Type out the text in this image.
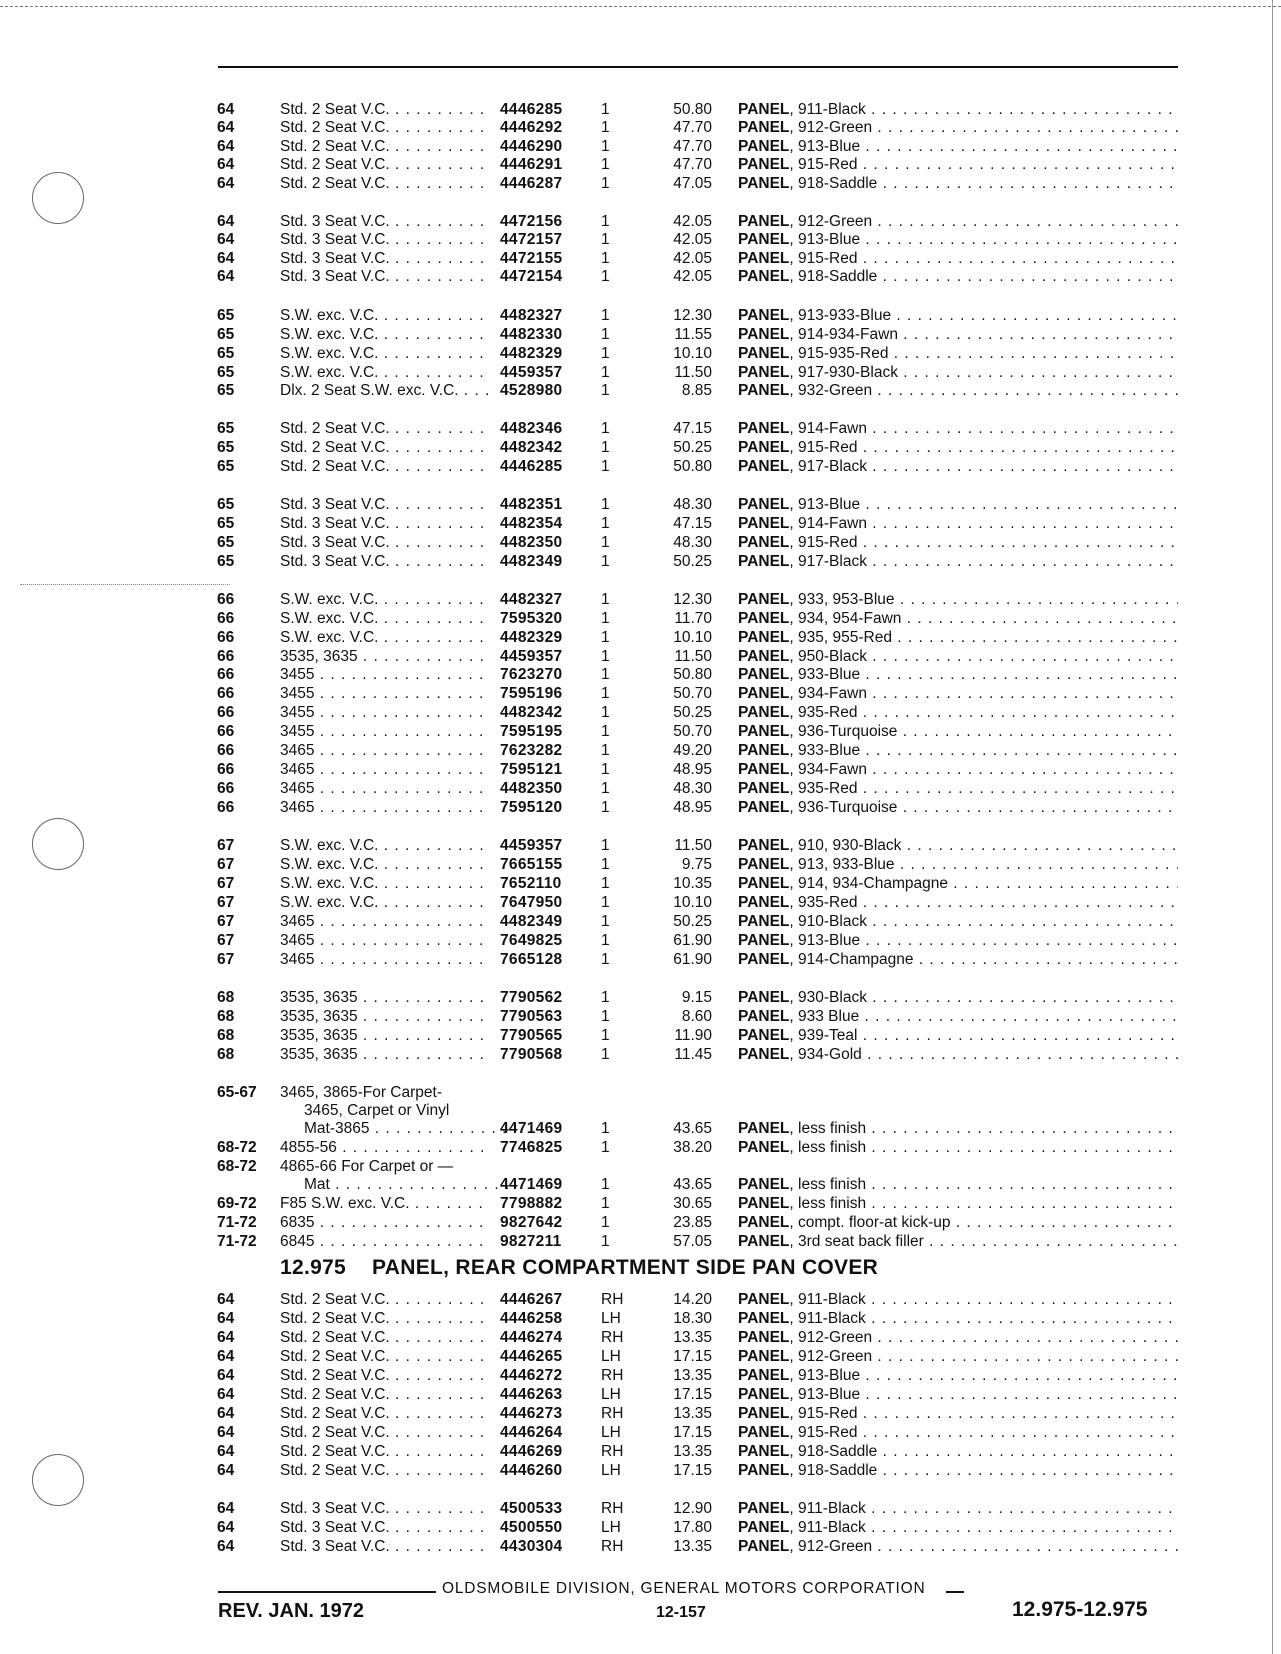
64	Std. 2 Seat V.C. . . .	4446285 1	50.80 PANEL, 911-Black . . .
64	Std. 2 Seat V.C. . . .	4446292 1	47.70 PANEL, 912-Green . . .
64	Std. 2 Seat V.C. . . .	4446290 1	47.70 PANEL, 913-Blue . . .
64	Std. 2 Seat V.C. . . .	4446291 1	47.70 PANEL, 915-Red . . .
64	Std. 2 Seat V.C. . . .	4446287 1	47.05 PANEL, 918-Saddle . . .
64	Std. 3 Seat V.C. . . .	4472156 1	42.05 PANEL, 912-Green . . .
64	Std. 3 Seat V.C. . . .	4472157 1	42.05 PANEL, 913-Blue . . .
64	Std. 3 Seat V.C. . . .	4472155 1	42.05 PANEL, 915-Red . . .
64	Std. 3 Seat V.C. . . .	4472154 1	42.05 PANEL, 918-Saddle . . .
65	S.W. exc. V.C. . . .	4482327 1	12.30 PANEL, 913-933-Blue . . .
65	S.W. exc. V.C. . . .	4482330 1	11.55 PANEL, 914-934-Fawn . . .
65	S.W. exc. V.C. . . .	4482329 1	10.10 PANEL, 915-935-Red . . .
65	S.W. exc. V.C. . . .	4459357 1	11.50 PANEL, 917-930-Black . . .
65	Dlx. 2 Seat S.W. exc. V.C. . . .	4528980 1	8.85 PANEL, 932-Green . . .
65	Std. 2 Seat V.C. . . .	4482346 1	47.15 PANEL, 914-Fawn . . .
65	Std. 2 Seat V.C. . . .	4482342 1	50.25 PANEL, 915-Red . . .
65	Std. 2 Seat V.C. . . .	4446285 1	50.80 PANEL, 917-Black . . .
65	Std. 3 Seat V.C. . . .	4482351 1	48.30 PANEL, 913-Blue . . .
65	Std. 3 Seat V.C. . . .	4482354 1	47.15 PANEL, 914-Fawn . . .
65	Std. 3 Seat V.C. . . .	4482350 1	48.30 PANEL, 915-Red . . .
65	Std. 3 Seat V.C. . . .	4482349 1	50.25 PANEL, 917-Black . . .
66	S.W. exc. V.C. . . .	4482327 1	12.30 PANEL, 933, 953-Blue . . .
66	S.W. exc. V.C. . . .	7595320 1	11.70 PANEL, 934, 954-Fawn . . .
66	S.W. exc. V.C. . . .	4482329 1	10.10 PANEL, 935, 955-Red . . .
66	3535, 3635 . . .	4459357 1	11.50 PANEL, 950-Black . . .
66	3455 . . .	7623270 1	50.80 PANEL, 933-Blue . . .
66	3455 . . .	7595196 1	50.70 PANEL, 934-Fawn . . .
66	3455 . . .	4482342 1	50.25 PANEL, 935-Red . . .
66	3455 . . .	7595195 1	50.70 PANEL, 936-Turquoise . . .
66	3465 . . .	7623282 1	49.20 PANEL, 933-Blue . . .
66	3465 . . .	7595121 1	48.95 PANEL, 934-Fawn . . .
66	3465 . . .	4482350 1	48.30 PANEL, 935-Red . . .
66	3465 . . .	7595120 1	48.95 PANEL, 936-Turquoise . . .
67	S.W. exc. V.C. . . .	4459357 1	11.50 PANEL, 910, 930-Black . . .
67	S.W. exc. V.C. . . .	7665155 1	9.75 PANEL, 913, 933-Blue . . .
67	S.W. exc. V.C. . . .	7652110	1	10.35 PANEL, 914, 934-Champagne . . .
67	S.W. exc. V.C. . . .	7647950 1	10.10 PANEL, 935-Red . . .
67	3465 . . .	4482349 1	50.25 PANEL, 910-Black . . .
67	3465 . . .	7649825 1	61.90 PANEL, 913-Blue . . .
67	3465 . . .	7665128 1	61.90 PANEL, 914-Champagne . . .
68	3535, 3635 . . .	7790562 1	9.15 PANEL, 930-Black . . .
68	3535, 3635 . . .	7790563 1	8.60 PANEL, 933 Blue . . .
68	3535, 3635 . . .	7790565 1	11.90 PANEL, 939-Teal . . .
68	3535, 3635 . . .	7790568 1	11.45 PANEL, 934-Gold . . .
65-67 3465, 3865-For Carpet-
3465, Carpet or Vinyl
Mat-3865 . . .	4471469 1	43.65 PANEL, less finish . . .
68-72 4855-56 . . .	7746825 1	38.20 PANEL, less finish . . .
68-72 4865-66 For Carpet or —
Mat . . .	4471469 1	43.65 PANEL, less finish . . .
69-72 F85 S.W. exc. V.C. . . .	7798882 1	30.65 PANEL, less finish . . .
71-72 6835 . . .	9827642 1	23.85 PANEL, compt. floor-at kick-up . . .
71-72 6845 . . .	9827211	1	57.05 PANEL, 3rd seat back filler . . .
64	Std. 2 Seat V.C. . . .	4446267 RH	14.20 PANEL, 911-Black . . .
64	Std. 2 Seat V.C. . . .	4446258 LH	18.30 PANEL, 911-Black . . .
64	Std. 2 Seat V.C. . . .	4446274 RH	13.35 PANEL, 912-Green . . .
64	Std. 2 Seat V.C. . . .	4446265 LH	17.15 PANEL, 912-Green . . .
64	Std. 2 Seat V.C. . . .	4446272 RH	13.35 PANEL, 913-Blue . . .
64	Std. 2 Seat V.C. . . .	4446263 LH	17.15 PANEL, 913-Blue . . .
64	Std. 2 Seat V.C. . . .	4446273 RH	13.35 PANEL, 915-Red . . .
64	Std. 2 Seat V.C. . . .	4446264 LH	17.15 PANEL, 915-Red . . .
64	Std. 2 Seat V.C. . . .	4446269 RH	13.35 PANEL, 918-Saddle . . .
64	Std. 2 Seat V.C. . . .	4446260 LH	17.15 PANEL, 918-Saddle . . .
64	Std. 3 Seat V.C. . . .	4500533 RH	12.90 PANEL, 911-Black . . .
64	Std. 3 Seat V.C. . . .	4500550 LH	17.80 PANEL, 911-Black . . .
64	Std. 3 Seat V.C. . . .	4430304 RH	13.35 PANEL, 912-Green . . .
12.975 PANEL, REAR COMPARTMENT SIDE PAN COVER
OLDSMOBILE DIVISION, GENERAL MOTORS CORPORATION
REV. JAN. 1972	12-157	12.975-12.975
